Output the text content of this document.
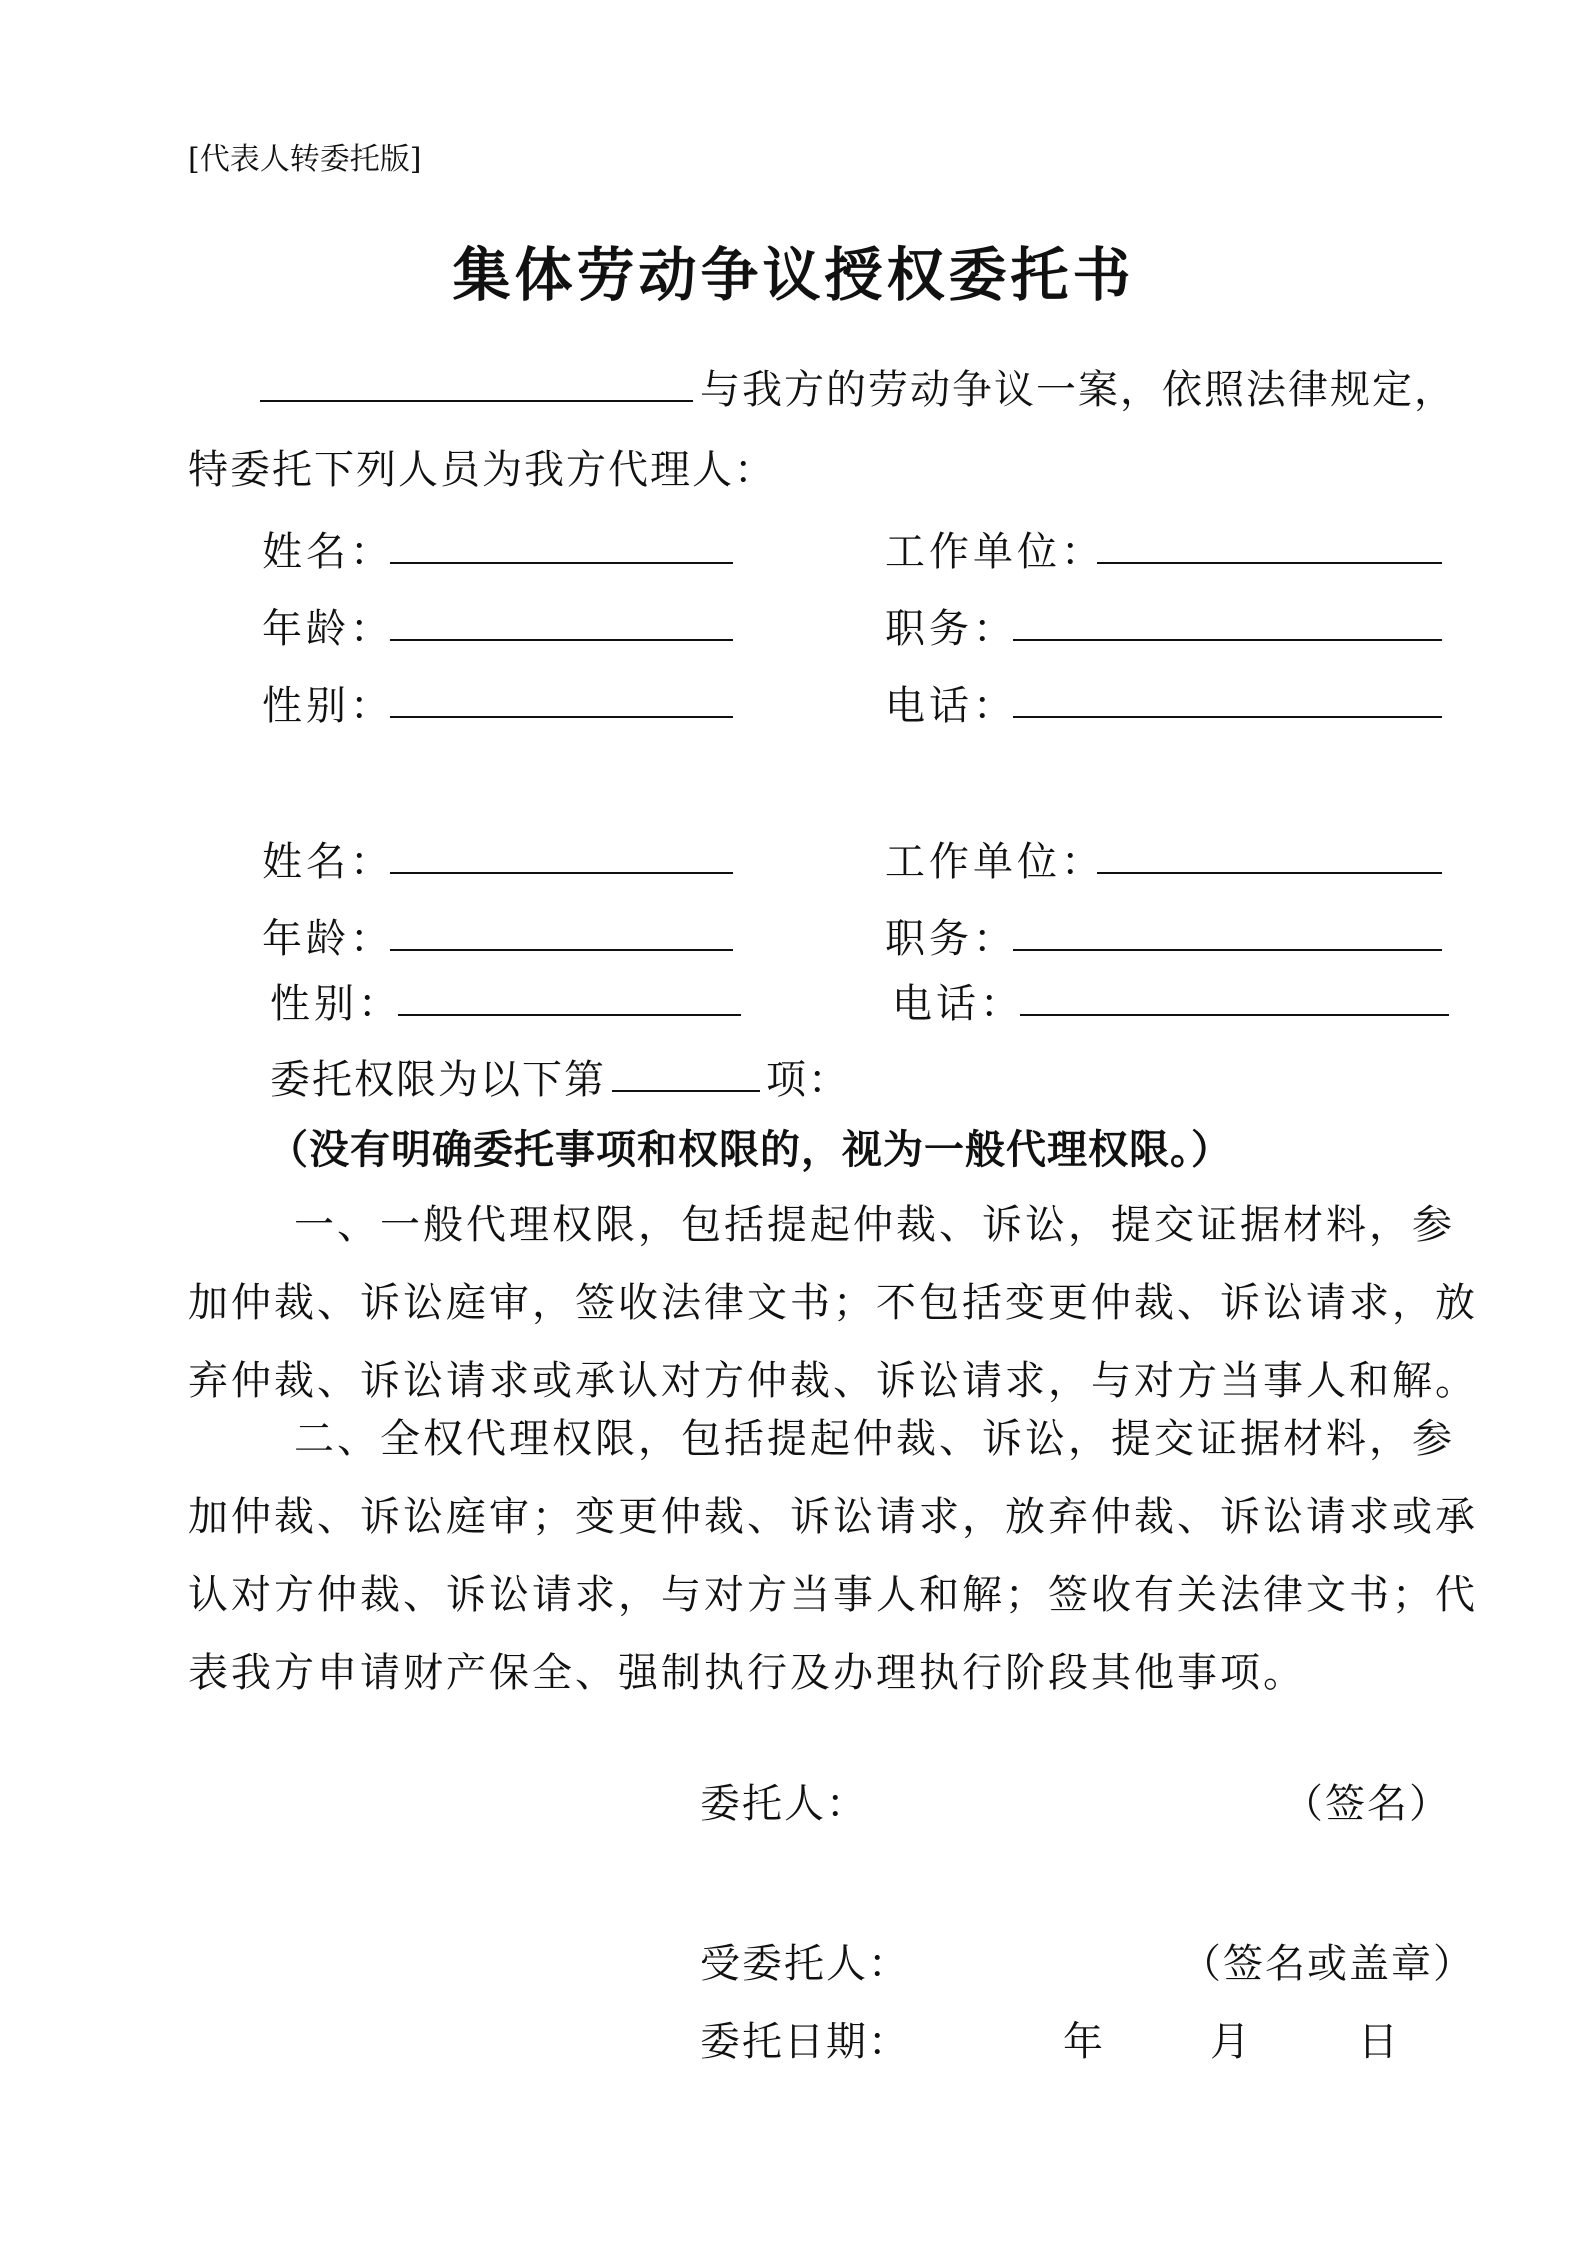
[代表人转委托版]
集体劳动争议授权委托书
与我方的劳动争议一案，依照法律规定，
特委托下列人员为我方代理人：
姓名：	工作单位：
年龄：	职务：
性别：	电话：
姓名：	工作单位：
年龄：	职务：
性别：	电话：
委托权限为以下第	项：
（没有明确委托事项和权限的，视为一般代理权限。）

一、一般代理权限，包括提起仲裁、诉讼，提交证据材料，参

加仲裁、诉讼庭审，签收法律文书；不包括变更仲裁、诉讼请求，放

弃仲裁、诉讼请求或承认对方仲裁、诉讼请求，与对方当事人和解。

二、全权代理权限，包括提起仲裁、诉讼，提交证据材料，参

加仲裁、诉讼庭审；变更仲裁、诉讼请求，放弃仲裁、诉讼请求或承

认对方仲裁、诉讼请求，与对方当事人和解；签收有关法律文书；代

表我方申请财产保全、强制执行及办理执行阶段其他事项。

委托人：	（签名）
受委托人：	（签名或盖章）
委托日期：	年	月	日
